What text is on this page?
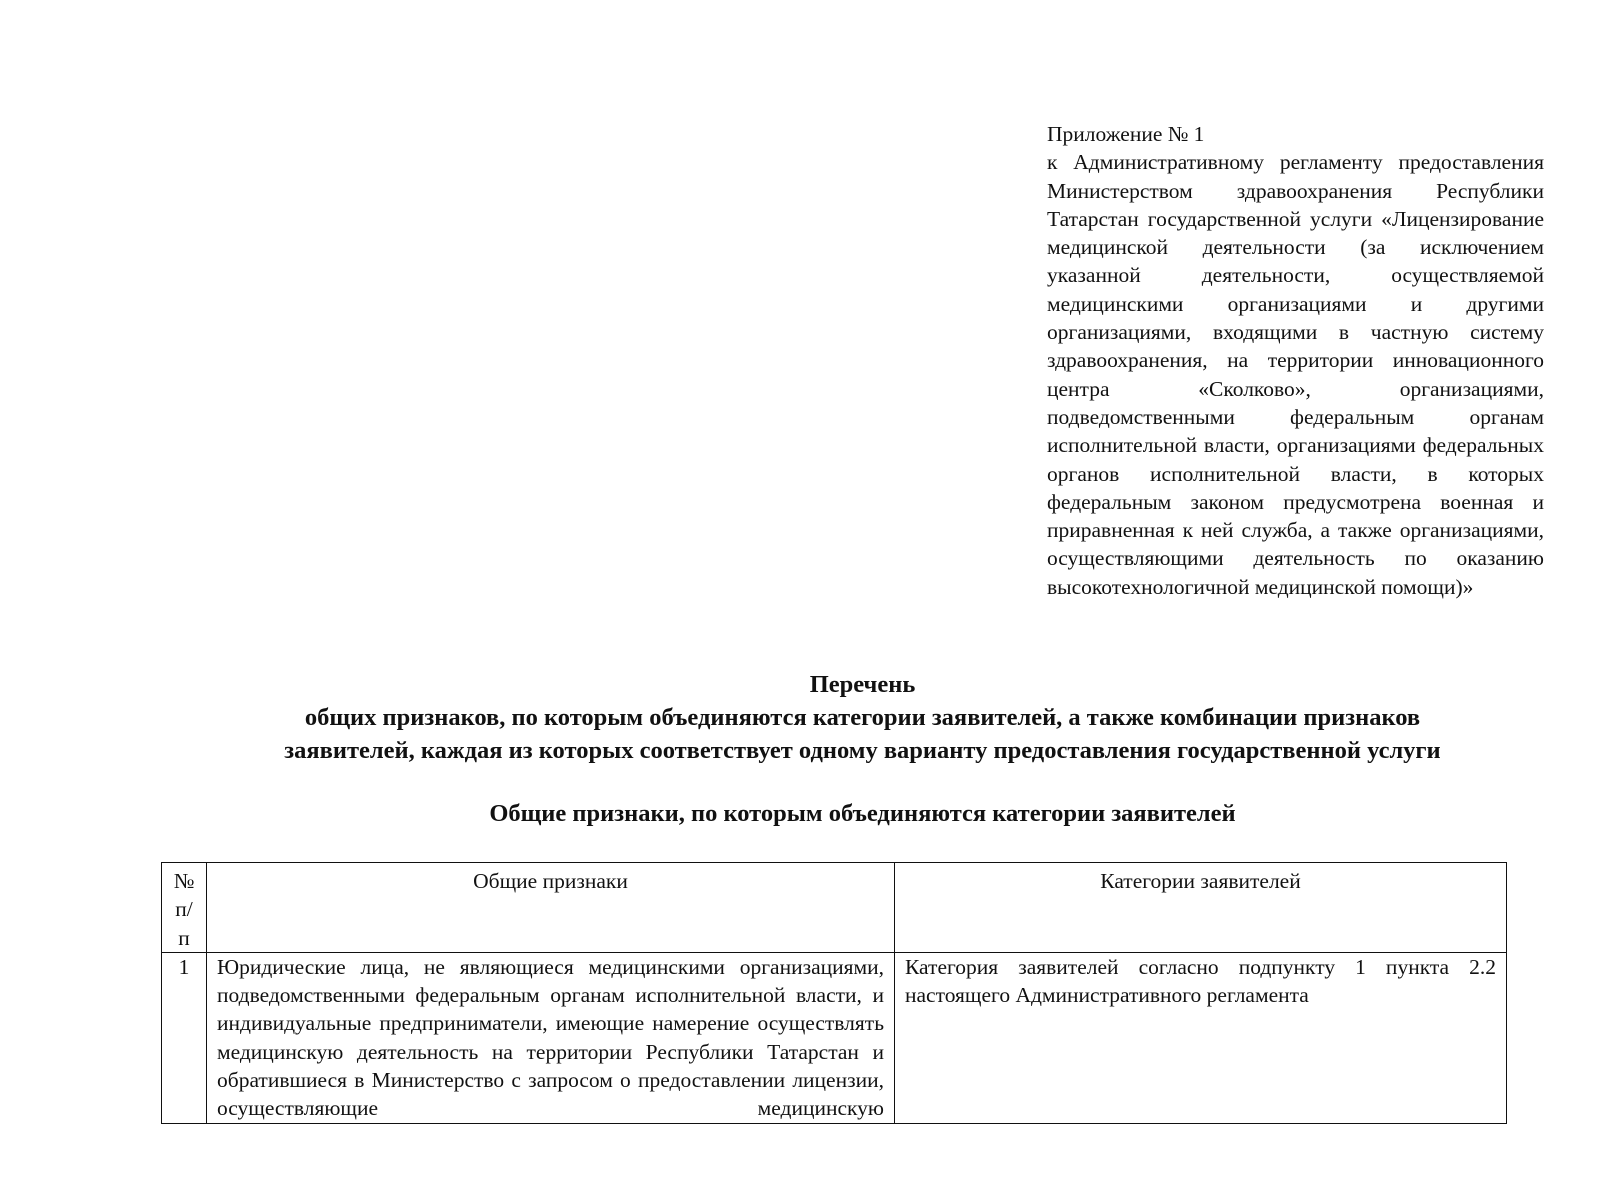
Приложение № 1
к Административному регламенту предоставления Министерством здравоохранения Республики Татарстан государственной услуги «Лицензирование медицинской деятельности (за исключением указанной деятельности, осуществляемой медицинскими организациями и другими организациями, входящими в частную систему здравоохранения, на территории инновационного центра «Сколково», организациями, подведомственными федеральным органам исполнительной власти, организациями федеральных органов исполнительной власти, в которых федеральным законом предусмотрена военная и приравненная к ней служба, а также организациями, осуществляющими деятельность по оказанию высокотехнологичной медицинской помощи)»
Перечень
общих признаков, по которым объединяются категории заявителей, а также комбинации признаков
заявителей, каждая из которых соответствует одному варианту предоставления государственной услуги
Общие признаки, по которым объединяются категории заявителей
№
п/п	Общие признаки	Категории заявителей
1	Юридические лица, не являющиеся медицинскими организациями, подведомственными федеральным органам исполнительной власти, и индивидуальные предприниматели, имеющие намерение осуществлять медицинскую деятельность на территории Республики Татарстан и обратившиеся в Министерство с запросом о предоставлении лицензии, осуществляющие медицинскую	Категория заявителей согласно подпункту 1 пункта 2.2 настоящего Административного регламента
